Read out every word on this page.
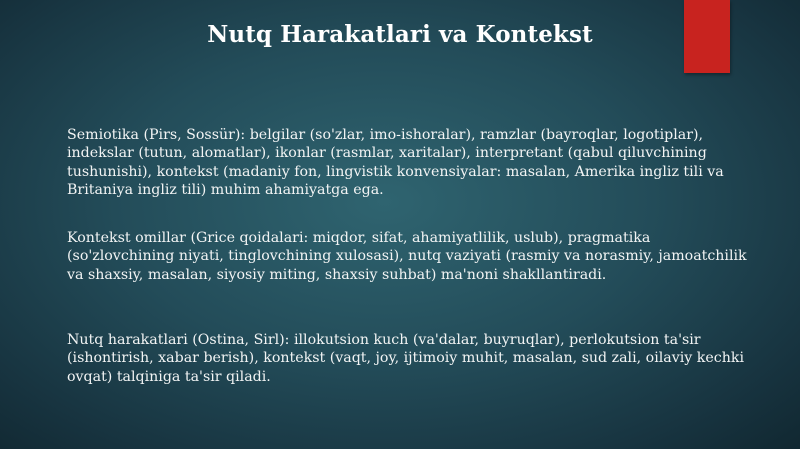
Nutq Harakatlari va Kontekst

Semiotika (Pirs, Sossür): belgilar (so'zlar, imo-ishoralar), ramzlar (bayroqlar, logotiplar), indekslar (tutun, alomatlar), ikonlar (rasmlar, xaritalar), interpretant (qabul qiluvchining tushunishi), kontekst (madaniy fon, lingvistik konvensiyalar: masalan, Amerika ingliz tili va Britaniya ingliz tili) muhim ahamiyatga ega.

Kontekst omillar (Grice qoidalari: miqdor, sifat, ahamiyatlilik, uslub), pragmatika (so'zlovchining niyati, tinglovchining xulosasi), nutq vaziyati (rasmiy va norasmiy, jamoatchilik va shaxsiy, masalan, siyosiy miting, shaxsiy suhbat) ma'noni shakllantiradi.

Nutq harakatlari (Ostina, Sirl): illokutsion kuch (va'dalar, buyruqlar), perlokutsion ta'sir (ishontirish, xabar berish), kontekst (vaqt, joy, ijtimoiy muhit, masalan, sud zali, oilaviy kechki ovqat) talqiniga ta'sir qiladi.
